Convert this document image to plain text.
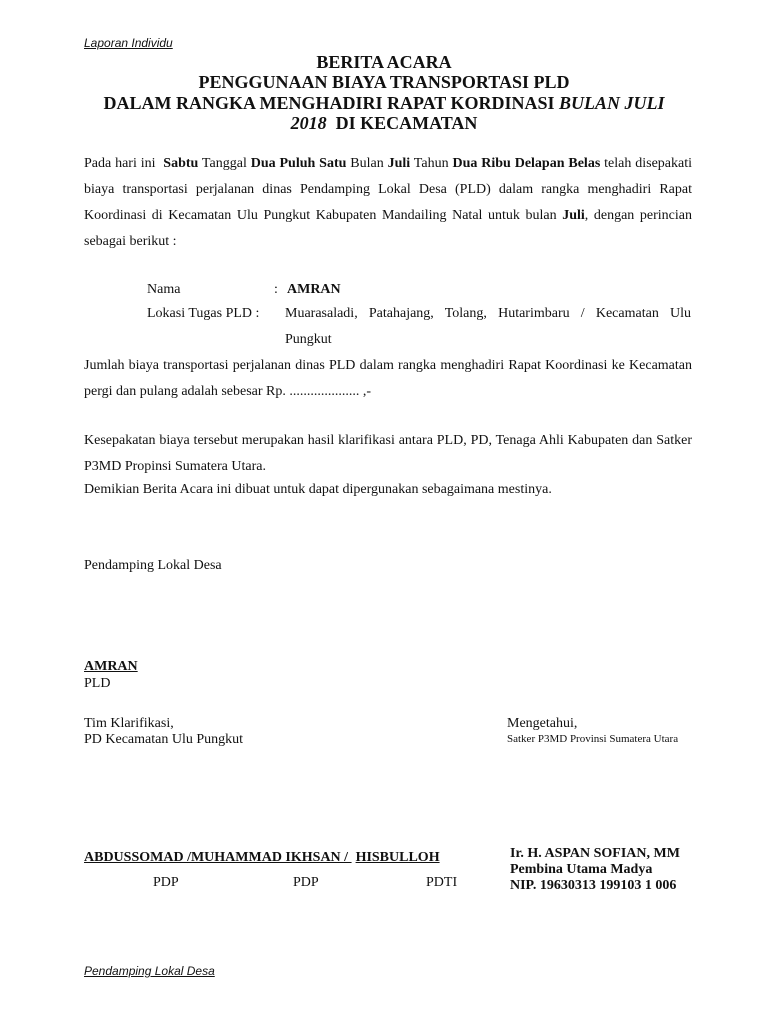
Laporan Individu
BERITA ACARA
PENGGUNAAN BIAYA TRANSPORTASI PLD
DALAM RANGKA MENGHADIRI RAPAT KORDINASI BULAN JULI
2018  DI KECAMATAN
Pada hari ini  Sabtu Tanggal Dua Puluh Satu Bulan Juli Tahun Dua Ribu Delapan Belas telah disepakati biaya transportasi perjalanan dinas Pendamping Lokal Desa (PLD) dalam rangka menghadiri Rapat Koordinasi di Kecamatan Ulu Pungkut Kabupaten Mandailing Natal untuk bulan Juli, dengan perincian sebagai berikut :
Nama	: AMRAN
Lokasi Tugas PLD : Muarasaladi, Patahajang, Tolang, Hutarimbaru / Kecamatan Ulu
Pungkut
Jumlah biaya transportasi perjalanan dinas PLD dalam rangka menghadiri Rapat Koordinasi ke Kecamatan pergi dan pulang adalah sebesar Rp. .................... ,-
Kesepakatan biaya tersebut merupakan hasil klarifikasi antara PLD, PD, Tenaga Ahli Kabupaten dan Satker P3MD Propinsi Sumatera Utara.
Demikian Berita Acara ini dibuat untuk dapat dipergunakan sebagaimana mestinya.
Pendamping Lokal Desa
AMRAN
PLD
Tim Klarifikasi,
PD Kecamatan Ulu Pungkut
Mengetahui,
Satker P3MD Provinsi Sumatera Utara
ABDUSSOMAD /MUHAMMAD IKHSAN / HISBULLOH
PDP	PDP	PDTI
Ir. H. ASPAN SOFIAN, MM
Pembina Utama Madya
NIP. 19630313 199103 1 006
Pendamping Lokal Desa
